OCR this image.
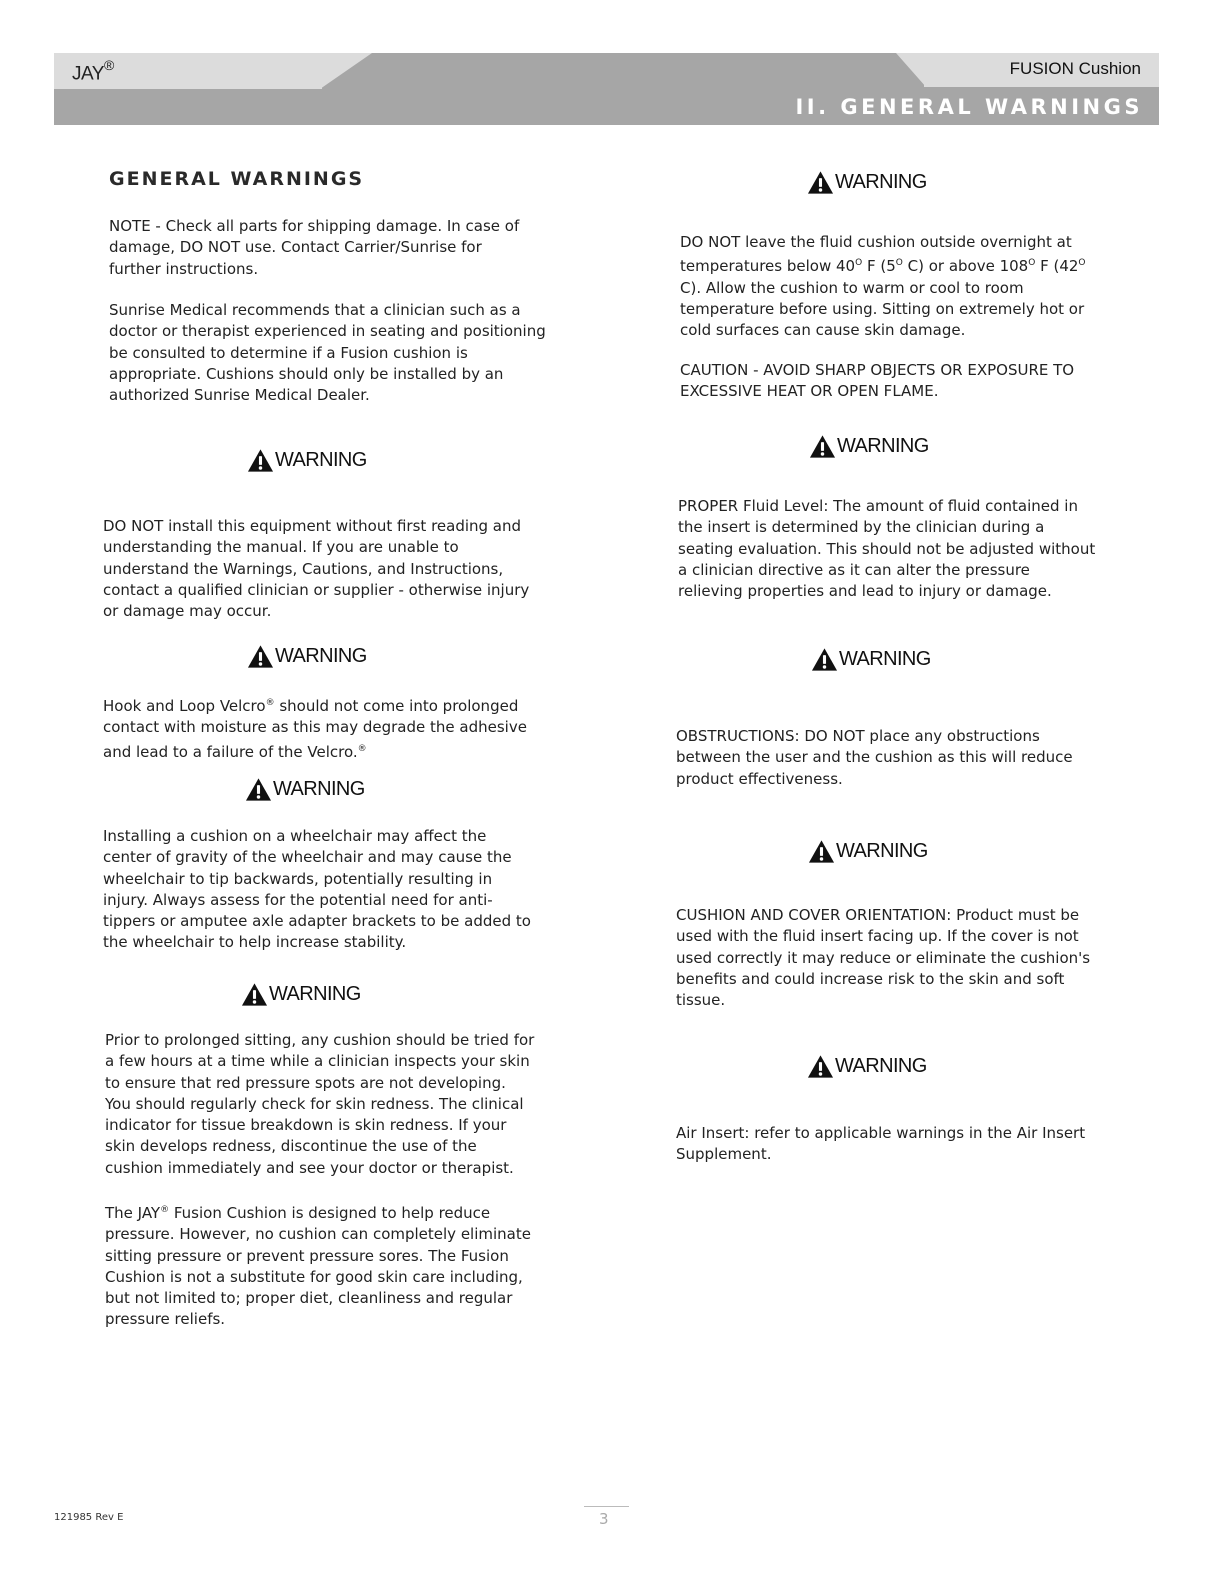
JAY®	FUSION Cushion
II. GENERAL WARNINGS
GENERAL WARNINGS

NOTE - Check all parts for shipping damage. In case of damage, DO NOT use. Contact Carrier/Sunrise for further instructions.

Sunrise Medical recommends that a clinician such as a doctor or therapist experienced in seating and positioning be consulted to determine if a Fusion cushion is appropriate. Cushions should only be installed by an authorized Sunrise Medical Dealer.

WARNING

DO NOT install this equipment without first reading and understanding the manual. If you are unable to understand the Warnings, Cautions, and Instructions, contact a qualified clinician or supplier - otherwise injury or damage may occur.

WARNING

Hook and Loop Velcro® should not come into prolonged contact with moisture as this may degrade the adhesive and lead to a failure of the Velcro.®

WARNING

Installing a cushion on a wheelchair may affect the center of gravity of the wheelchair and may cause the wheelchair to tip backwards, potentially resulting in injury. Always assess for the potential need for anti-tippers or amputee axle adapter brackets to be added to the wheelchair to help increase stability.

WARNING

Prior to prolonged sitting, any cushion should be tried for a few hours at a time while a clinician inspects your skin to ensure that red pressure spots are not developing. You should regularly check for skin redness. The clinical indicator for tissue breakdown is skin redness. If your skin develops redness, discontinue the use of the cushion immediately and see your doctor or therapist.

The JAY® Fusion Cushion is designed to help reduce pressure. However, no cushion can completely eliminate sitting pressure or prevent pressure sores. The Fusion Cushion is not a substitute for good skin care including, but not limited to; proper diet, cleanliness and regular pressure reliefs.

WARNING

DO NOT leave the fluid cushion outside overnight at temperatures below $40^O$ F ($5^O$ C) or above $108^O$ F ($42^O$ C). Allow the cushion to warm or cool to room temperature before using. Sitting on extremely hot or cold surfaces can cause skin damage.

CAUTION - AVOID SHARP OBJECTS OR EXPOSURE TO EXCESSIVE HEAT OR OPEN FLAME.

WARNING

PROPER Fluid Level: The amount of fluid contained in the insert is determined by the clinician during a seating evaluation. This should not be adjusted without a clinician directive as it can alter the pressure relieving properties and lead to injury or damage.

WARNING

OBSTRUCTIONS: DO NOT place any obstructions between the user and the cushion as this will reduce product effectiveness.

WARNING

CUSHION AND COVER ORIENTATION: Product must be used with the fluid insert facing up. If the cover is not used correctly it may reduce or eliminate the cushion's benefits and could increase risk to the skin and soft tissue.

WARNING

Air Insert: refer to applicable warnings in the Air Insert Supplement.

121985 Rev E	3
